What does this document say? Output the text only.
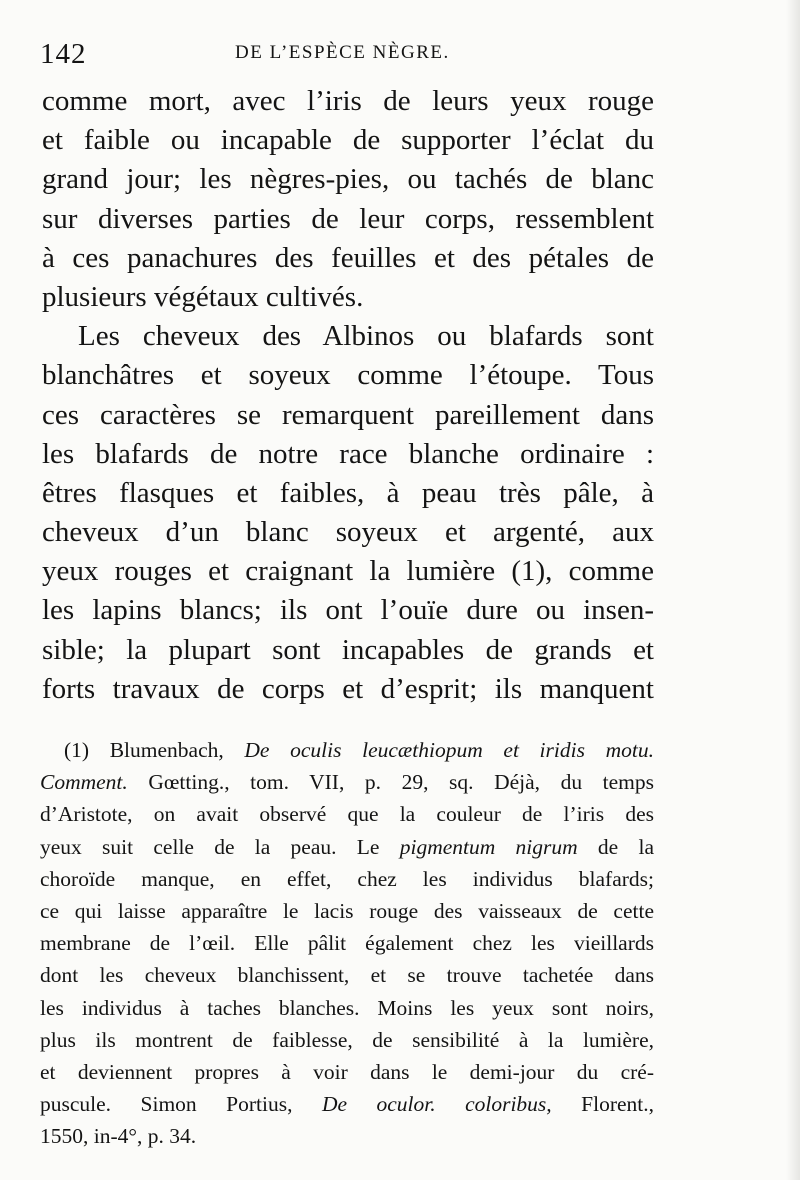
142	DE L’ESPÈCE NÈGRE.
comme mort, avec l’iris de leurs yeux rouge
et faible ou incapable de supporter l’éclat du
grand jour; les nègres-pies, ou tachés de blanc
sur diverses parties de leur corps, ressemblent
à ces panachures des feuilles et des pétales de
plusieurs végétaux cultivés.
Les cheveux des Albinos ou blafards sont
blanchâtres et soyeux comme l’étoupe. Tous
ces caractères se remarquent pareillement dans
les blafards de notre race blanche ordinaire :
êtres flasques et faibles, à peau très pâle, à
cheveux d’un blanc soyeux et argenté, aux
yeux rouges et craignant la lumière (1), comme
les lapins blancs; ils ont l’ouïe dure ou insen-
sible; la plupart sont incapables de grands et
forts travaux de corps et d’esprit; ils manquent
(1) Blumenbach, De oculis leucæthiopum et iridis motu.
Comment. Gœtting., tom. VII, p. 29, sq. Déjà, du temps
d’Aristote, on avait observé que la couleur de l’iris des
yeux suit celle de la peau. Le pigmentum nigrum de la
choroïde manque, en effet, chez les individus blafards;
ce qui laisse apparaître le lacis rouge des vaisseaux de cette
membrane de l’œil. Elle pâlit également chez les vieillards
dont les cheveux blanchissent, et se trouve tachetée dans
les individus à taches blanches. Moins les yeux sont noirs,
plus ils montrent de faiblesse, de sensibilité à la lumière,
et deviennent propres à voir dans le demi-jour du cré-
puscule. Simon Portius, De oculor. coloribus, Florent.,
1550, in-4°, p. 34.
